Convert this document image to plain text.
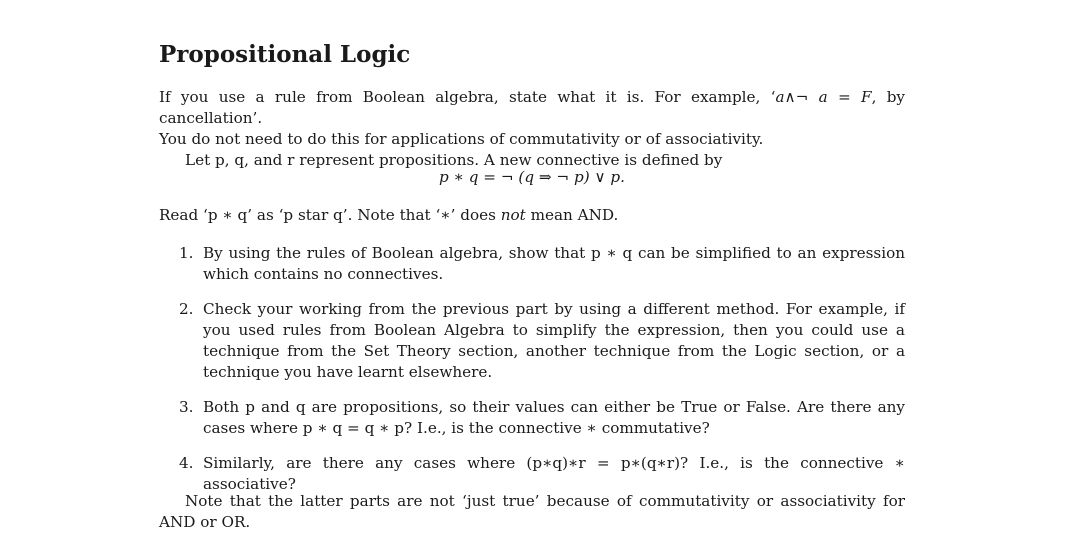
Propositional Logic

If you use a rule from Boolean algebra, state what it is. For example, ‘a∧¬ a = F, by cancellation’.

You do not need to do this for applications of commutativity or of associativity.

Let p, q, and r represent propositions. A new connective is defined by

p ∗ q = ¬ (q ⇒ ¬ p) ∨ p.

Read ‘p ∗ q’ as ‘p star q’. Note that ‘∗’ does not mean AND.

1. By using the rules of Boolean algebra, show that p ∗ q can be simplified to an expression which contains no connectives.

2. Check your working from the previous part by using a different method. For example, if you used rules from Boolean Algebra to simplify the expression, then you could use a technique from the Set Theory section, another technique from the Logic section, or a technique you have learnt elsewhere.

3. Both p and q are propositions, so their values can either be True or False. Are there any cases where p ∗ q = q ∗ p? I.e., is the connective ∗ commutative?

4. Similarly, are there any cases where (p∗q)∗r = p∗(q∗r)? I.e., is the connective ∗ associative?

Note that the latter parts are not ‘just true’ because of commutativity or associativity for AND or OR.
